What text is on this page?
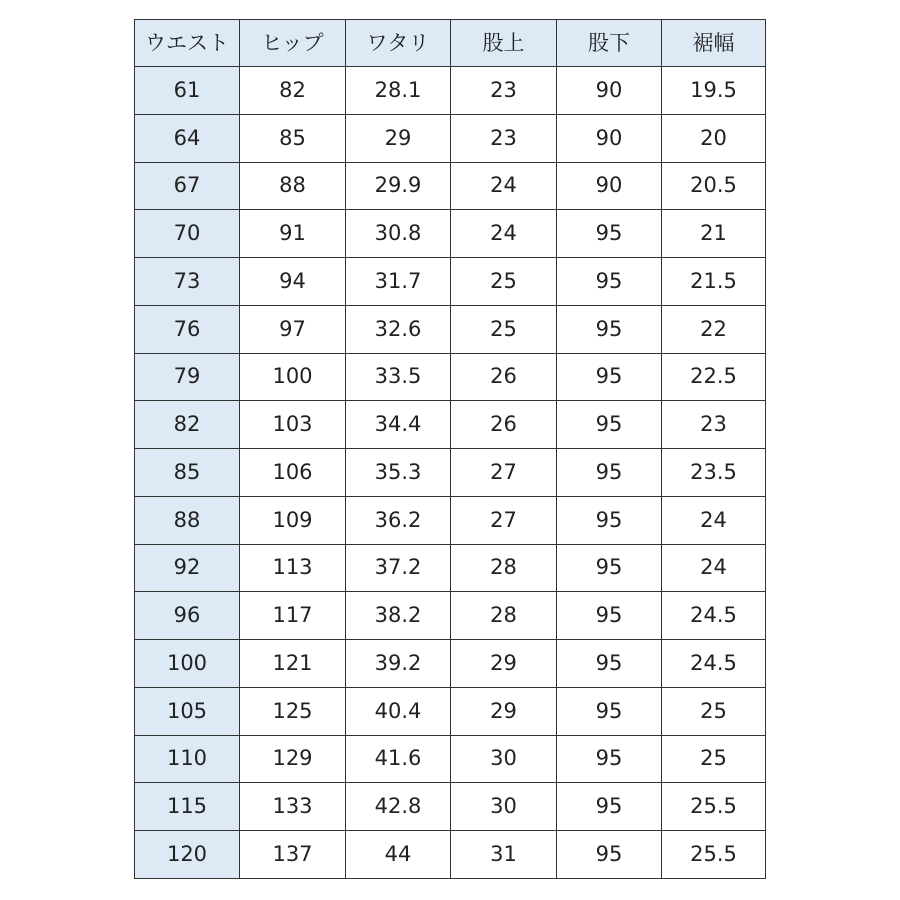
ウエスト	ヒップ	ワタリ	股上	股下	裾幅
61	82	28.1	23	90	19.5
64	85	29	23	90	20
67	88	29.9	24	90	20.5
70	91	30.8	24	95	21
73	94	31.7	25	95	21.5
76	97	32.6	25	95	22
79	100	33.5	26	95	22.5
82	103	34.4	26	95	23
85	106	35.3	27	95	23.5
88	109	36.2	27	95	24
92	113	37.2	28	95	24
96	117	38.2	28	95	24.5
100	121	39.2	29	95	24.5
105	125	40.4	29	95	25
110	129	41.6	30	95	25
115	133	42.8	30	95	25.5
120	137	44	31	95	25.5
